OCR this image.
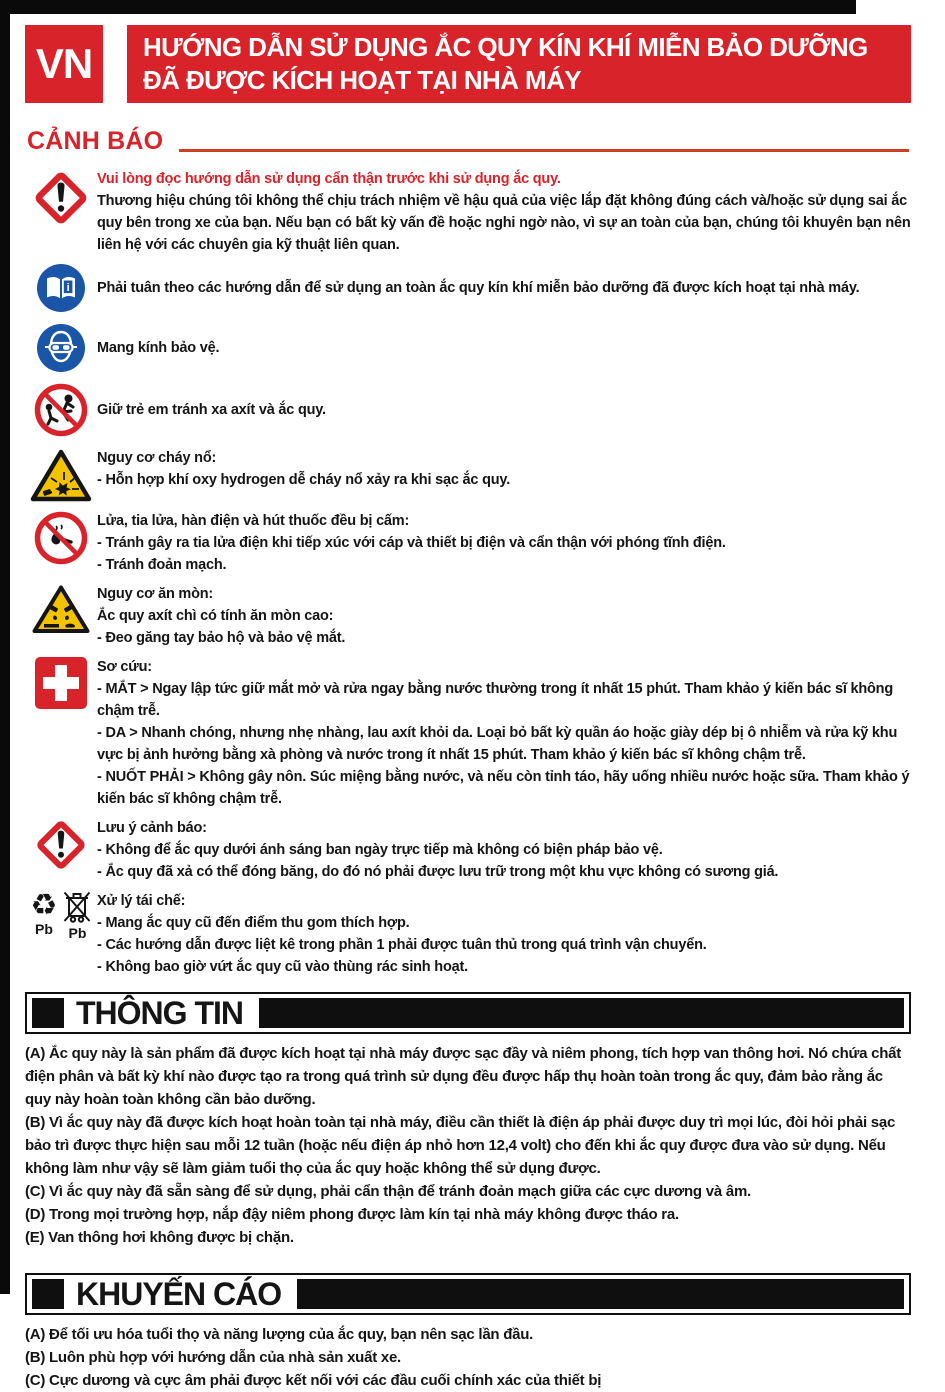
VN	HƯỚNG DẪN SỬ DỤNG ẮC QUY KÍN KHÍ MIỄN BẢO DƯỠNG
ĐÃ ĐƯỢC KÍCH HOẠT TẠI NHÀ MÁY
CẢNH BÁO
Vui lòng đọc hướng dẫn sử dụng cẩn thận trước khi sử dụng ắc quy.
Thương hiệu chúng tôi không thể chịu trách nhiệm về hậu quả của việc lắp đặt không đúng cách và/hoặc sử dụng sai ắc quy bên trong xe của bạn. Nếu bạn có bất kỳ vấn đề hoặc nghi ngờ nào, vì sự an toàn của bạn, chúng tôi khuyên bạn nên liên hệ với các chuyên gia kỹ thuật liên quan.
i Phải tuân theo các hướng dẫn để sử dụng an toàn ắc quy kín khí miễn bảo dưỡng đã được kích hoạt tại nhà máy.
Mang kính bảo vệ.
Giữ trẻ em tránh xa axít và ắc quy.
Nguy cơ cháy nổ:
- Hỗn hợp khí oxy hydrogen dễ cháy nổ xảy ra khi sạc ắc quy.
Lửa, tia lửa, hàn điện và hút thuốc đều bị cấm:
- Tránh gây ra tia lửa điện khi tiếp xúc với cáp và thiết bị điện và cẩn thận với phóng tĩnh điện.
- Tránh đoản mạch.
Nguy cơ ăn mòn:
Ắc quy axít chì có tính ăn mòn cao:
- Đeo găng tay bảo hộ và bảo vệ mắt.
Sơ cứu:
- MẮT > Ngay lập tức giữ mắt mở và rửa ngay bằng nước thường trong ít nhất 15 phút. Tham khảo ý kiến bác sĩ không chậm trễ.
- DA > Nhanh chóng, nhưng nhẹ nhàng, lau axít khỏi da. Loại bỏ bất kỳ quần áo hoặc giày dép bị ô nhiễm và rửa kỹ khu vực bị ảnh hưởng bằng xà phòng và nước trong ít nhất 15 phút. Tham khảo ý kiến bác sĩ không chậm trễ.
- NUỐT PHẢI > Không gây nôn. Súc miệng bằng nước, và nếu còn tỉnh táo, hãy uống nhiều nước hoặc sữa. Tham khảo ý kiến bác sĩ không chậm trễ.
Lưu ý cảnh báo:
- Không để ắc quy dưới ánh sáng ban ngày trực tiếp mà không có biện pháp bảo vệ.
- Ắc quy đã xả có thể đóng băng, do đó nó phải được lưu trữ trong một khu vực không có sương giá.
♻
Pb Pb
Xử lý tái chế:
- Mang ắc quy cũ đến điểm thu gom thích hợp.
- Các hướng dẫn được liệt kê trong phần 1 phải được tuân thủ trong quá trình vận chuyển.
- Không bao giờ vứt ắc quy cũ vào thùng rác sinh hoạt.
THÔNG TIN

(A) Ắc quy này là sản phẩm đã được kích hoạt tại nhà máy được sạc đầy và niêm phong, tích hợp van thông hơi. Nó chứa chất điện phân và bất kỳ khí nào được tạo ra trong quá trình sử dụng đều được hấp thụ hoàn toàn trong ắc quy, đảm bảo rằng ắc quy này hoàn toàn không cần bảo dưỡng.

(B) Vì ắc quy này đã được kích hoạt hoàn toàn tại nhà máy, điều cần thiết là điện áp phải được duy trì mọi lúc, đòi hỏi phải sạc bảo trì được thực hiện sau mỗi 12 tuần (hoặc nếu điện áp nhỏ hơn 12,4 volt) cho đến khi ắc quy được đưa vào sử dụng. Nếu không làm như vậy sẽ làm giảm tuổi thọ của ắc quy hoặc không thể sử dụng được.

(C) Vì ắc quy này đã sẵn sàng để sử dụng, phải cẩn thận để tránh đoản mạch giữa các cực dương và âm.

(D) Trong mọi trường hợp, nắp đậy niêm phong được làm kín tại nhà máy không được tháo ra.

(E) Van thông hơi không được bị chặn.

KHUYẾN CÁO

(A) Để tối ưu hóa tuổi thọ và năng lượng của ắc quy, bạn nên sạc lần đầu.

(B) Luôn phù hợp với hướng dẫn của nhà sản xuất xe.

(C) Cực dương và cực âm phải được kết nối với các đầu cuối chính xác của thiết bị
